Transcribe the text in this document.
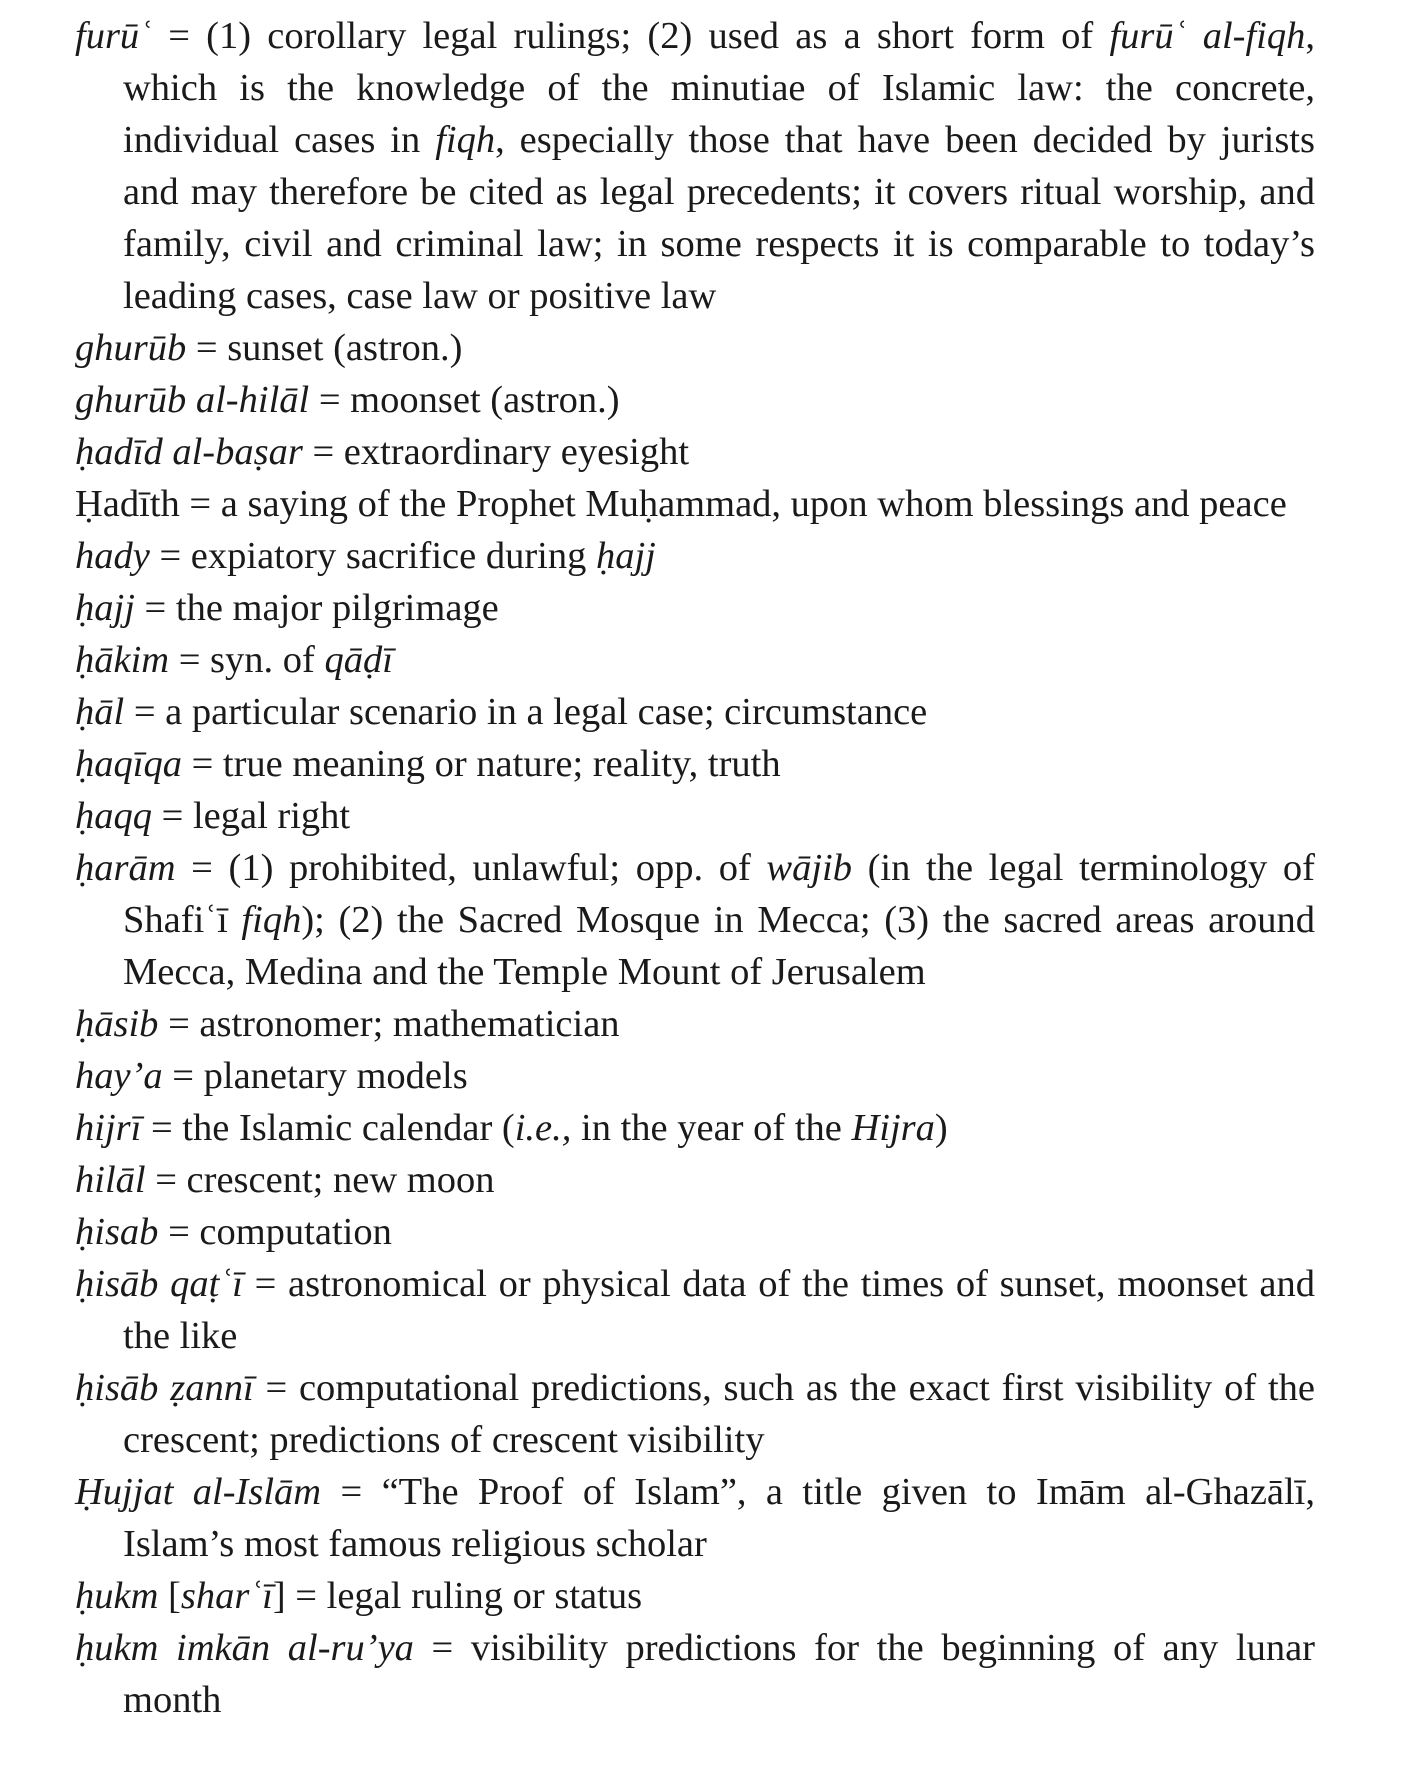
furūʿ = (1) corollary legal rulings; (2) used as a short form of furūʿ al-fiqh, which is the knowledge of the minutiae of Islamic law: the concrete, individual cases in fiqh, especially those that have been decided by jurists and may therefore be cited as legal precedents; it covers ritual worship, and family, civil and criminal law; in some respects it is comparable to today’s leading cases, case law or positive law
ghurūb = sunset (astron.)
ghurūb al-hilāl = moonset (astron.)
ḥadīd al-baṣar = extraordinary eyesight
Ḥadīth = a saying of the Prophet Muḥammad, upon whom blessings and peace
hady = expiatory sacrifice during ḥajj
ḥajj = the major pilgrimage
ḥākim = syn. of qāḍī
ḥāl = a particular scenario in a legal case; circumstance
ḥaqīqa = true meaning or nature; reality, truth
ḥaqq = legal right
ḥarām = (1) prohibited, unlawful; opp. of wājib (in the legal terminology of Shafiʿī fiqh); (2) the Sacred Mosque in Mecca; (3) the sacred areas around Mecca, Medina and the Temple Mount of Jerusalem
ḥāsib = astronomer; mathematician
hay’a = planetary models
hijrī = the Islamic calendar (i.e., in the year of the Hijra)
hilāl = crescent; new moon
ḥisab = computation
ḥisāb qaṭʿī = astronomical or physical data of the times of sunset, moonset and the like
ḥisāb ẓannī = computational predictions, such as the exact first visibility of the crescent; predictions of crescent visibility
Ḥujjat al-Islām = “The Proof of Islam”, a title given to Imām al-Ghazālī, Islam’s most famous religious scholar
ḥukm [sharʿī] = legal ruling or status
ḥukm imkān al-ru’ya = visibility predictions for the beginning of any lunar month
